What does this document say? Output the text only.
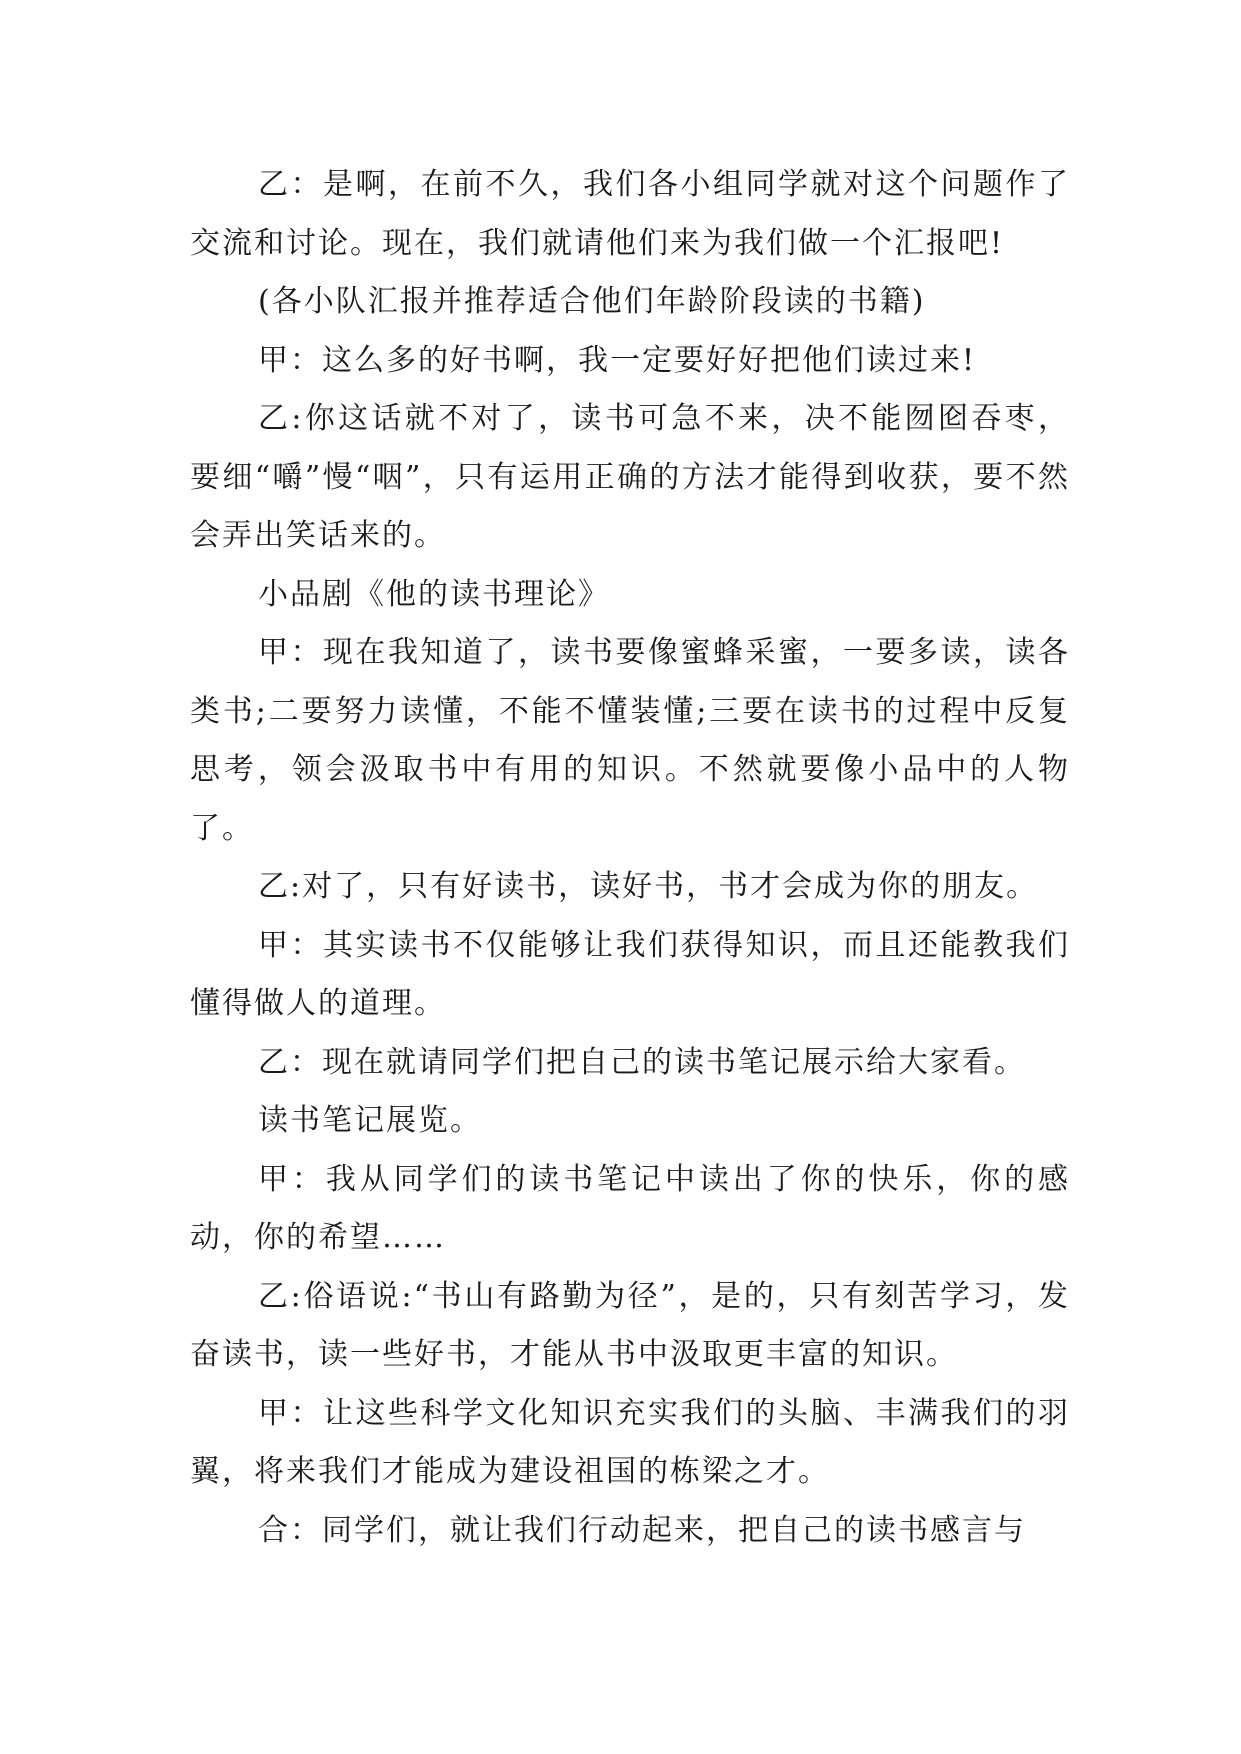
乙：是啊，在前不久，我们各小组同学就对这个问题作了交流和讨论。现在，我们就请他们来为我们做一个汇报吧!

(各小队汇报并推荐适合他们年龄阶段读的书籍)

甲：这么多的好书啊，我一定要好好把他们读过来!

乙:你这话就不对了，读书可急不来，决不能囫囵吞枣，要细“嚼”慢“咽”，只有运用正确的方法才能得到收获，要不然会弄出笑话来的。

小品剧《他的读书理论》

甲：现在我知道了，读书要像蜜蜂采蜜，一要多读，读各类书;二要努力读懂，不能不懂装懂;三要在读书的过程中反复思考，领会汲取书中有用的知识。不然就要像小品中的人物了。

乙:对了，只有好读书，读好书，书才会成为你的朋友。

甲：其实读书不仅能够让我们获得知识，而且还能教我们懂得做人的道理。

乙：现在就请同学们把自己的读书笔记展示给大家看。

读书笔记展览。

甲：我从同学们的读书笔记中读出了你的快乐，你的感动，你的希望……

乙:俗语说:“书山有路勤为径”，是的，只有刻苦学习，发奋读书，读一些好书，才能从书中汲取更丰富的知识。

甲：让这些科学文化知识充实我们的头脑、丰满我们的羽翼，将来我们才能成为建设祖国的栋梁之才。

合：同学们，就让我们行动起来，把自己的读书感言与
